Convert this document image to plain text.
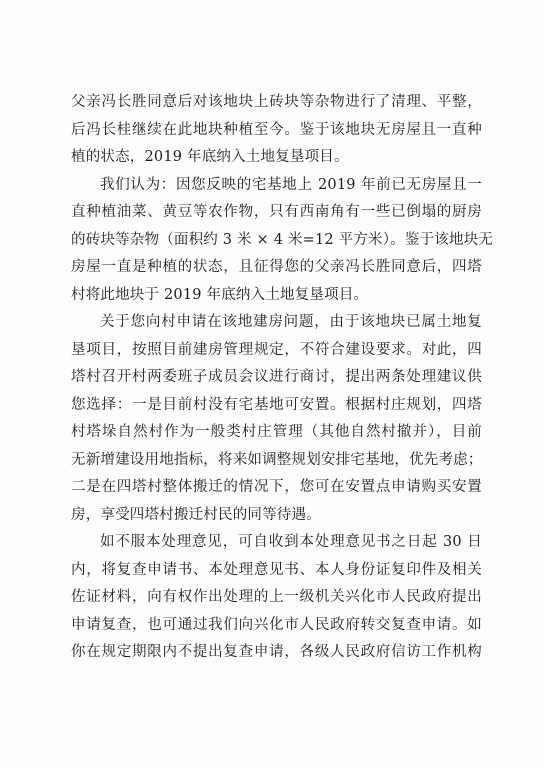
父亲冯长胜同意后对该地块上砖块等杂物进行了清理、平整，
后冯长桂继续在此地块种植至今。鉴于该地块无房屋且一直种
植的状态，2019 年底纳入土地复垦项目。
我们认为：因您反映的宅基地上 2019 年前已无房屋且一
直种植油菜、黄豆等农作物，只有西南角有一些已倒塌的厨房
的砖块等杂物（面积约 3 米 × 4 米=12 平方米）。鉴于该地块无
房屋一直是种植的状态，且征得您的父亲冯长胜同意后，四塔
村将此地块于 2019 年底纳入土地复垦项目。
关于您向村申请在该地建房问题，由于该地块已属土地复
垦项目，按照目前建房管理规定，不符合建设要求。对此，四
塔村召开村两委班子成员会议进行商讨，提出两条处理建议供
您选择：一是目前村没有宅基地可安置。根据村庄规划，四塔
村塔垛自然村作为一般类村庄管理（其他自然村撤并），目前
无新增建设用地指标，将来如调整规划安排宅基地，优先考虑；
二是在四塔村整体搬迁的情况下，您可在安置点申请购买安置
房，享受四塔村搬迁村民的同等待遇。
如不服本处理意见，可自收到本处理意见书之日起 30 日
内，将复查申请书、本处理意见书、本人身份证复印件及相关
佐证材料，向有权作出处理的上一级机关兴化市人民政府提出
申请复查，也可通过我们向兴化市人民政府转交复查申请。如
你在规定期限内不提出复查申请，各级人民政府信访工作机构
